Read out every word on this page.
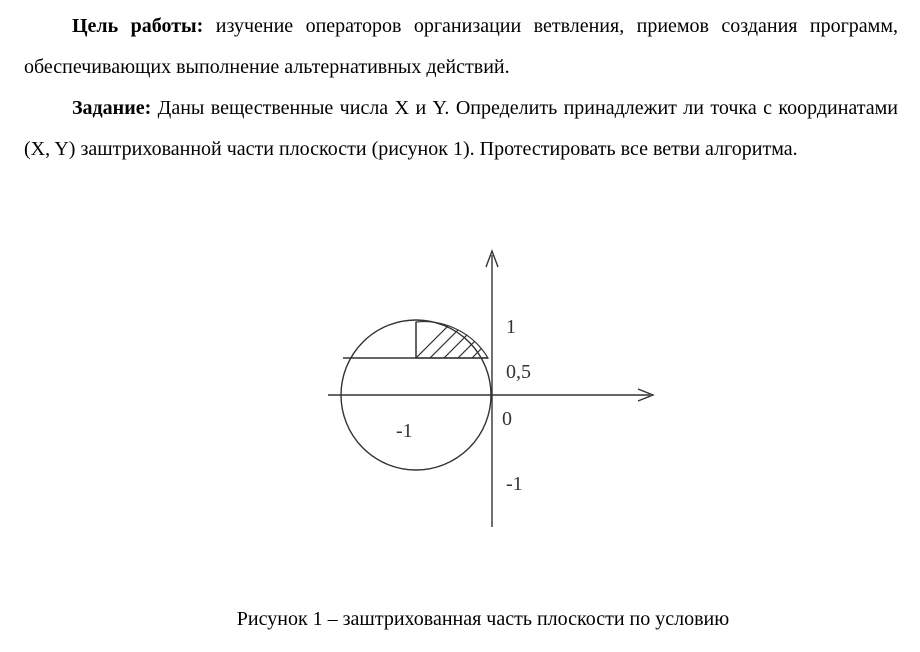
Цель работы: изучение операторов организации ветвления, приемов создания программ, обеспечивающих выполнение альтернативных действий.

Задание: Даны вещественные числа X и Y. Определить принадлежит ли точка с координатами (X, Y) заштрихованной части плоскости (рисунок 1). Протестировать все ветви алгоритма.

1
0,5
0
-1
-1
Рисунок 1 – заштрихованная часть плоскости по условию
